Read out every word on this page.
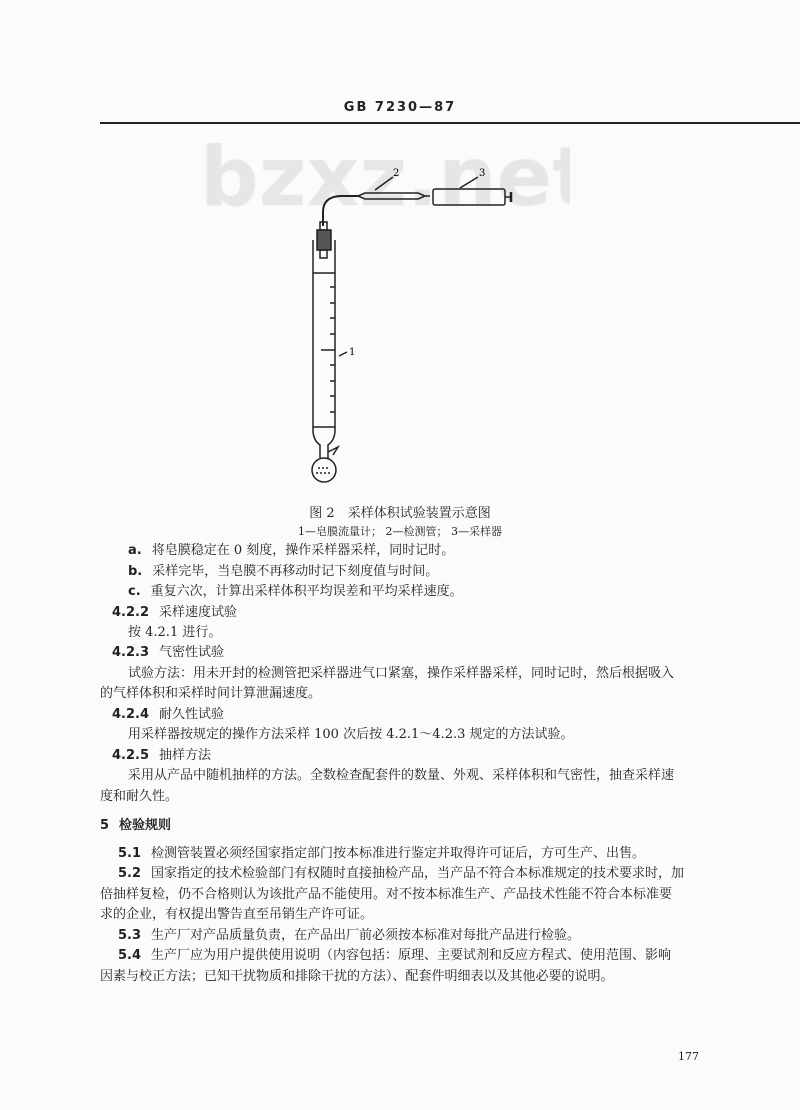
GB 7230—87
1
2	3
图 2　采样体积试验装置示意图
1—皂膜流量计； 2—检测管； 3—采样器
a. 将皂膜稳定在 0 刻度，操作采样器采样，同时记时。
b. 采样完毕，当皂膜不再移动时记下刻度值与时间。
c. 重复六次，计算出采样体积平均误差和平均采样速度。
4.2.2 采样速度试验
按 4.2.1 进行。
4.2.3 气密性试验
试验方法：用未开封的检测管把采样器进气口紧塞，操作采样器采样，同时记时，然后根据吸入
的气样体积和采样时间计算泄漏速度。
4.2.4 耐久性试验
用采样器按规定的操作方法采样 100 次后按 4.2.1～4.2.3 规定的方法试验。
4.2.5 抽样方法
采用从产品中随机抽样的方法。全数检查配套件的数量、外观、采样体积和气密性，抽查采样速
度和耐久性。
5 检验规则
5.1 检测管装置必须经国家指定部门按本标准进行鉴定并取得许可证后，方可生产、出售。
5.2 国家指定的技术检验部门有权随时直接抽检产品，当产品不符合本标准规定的技术要求时，加
倍抽样复检，仍不合格则认为该批产品不能使用。对不按本标准生产、产品技术性能不符合本标准要
求的企业，有权提出警告直至吊销生产许可证。
5.3 生产厂对产品质量负责，在产品出厂前必须按本标准对每批产品进行检验。
5.4 生产厂应为用户提供使用说明（内容包括：原理、主要试剂和反应方程式、使用范围、影响
因素与校正方法；已知干扰物质和排除干扰的方法）、配套件明细表以及其他必要的说明。
177
